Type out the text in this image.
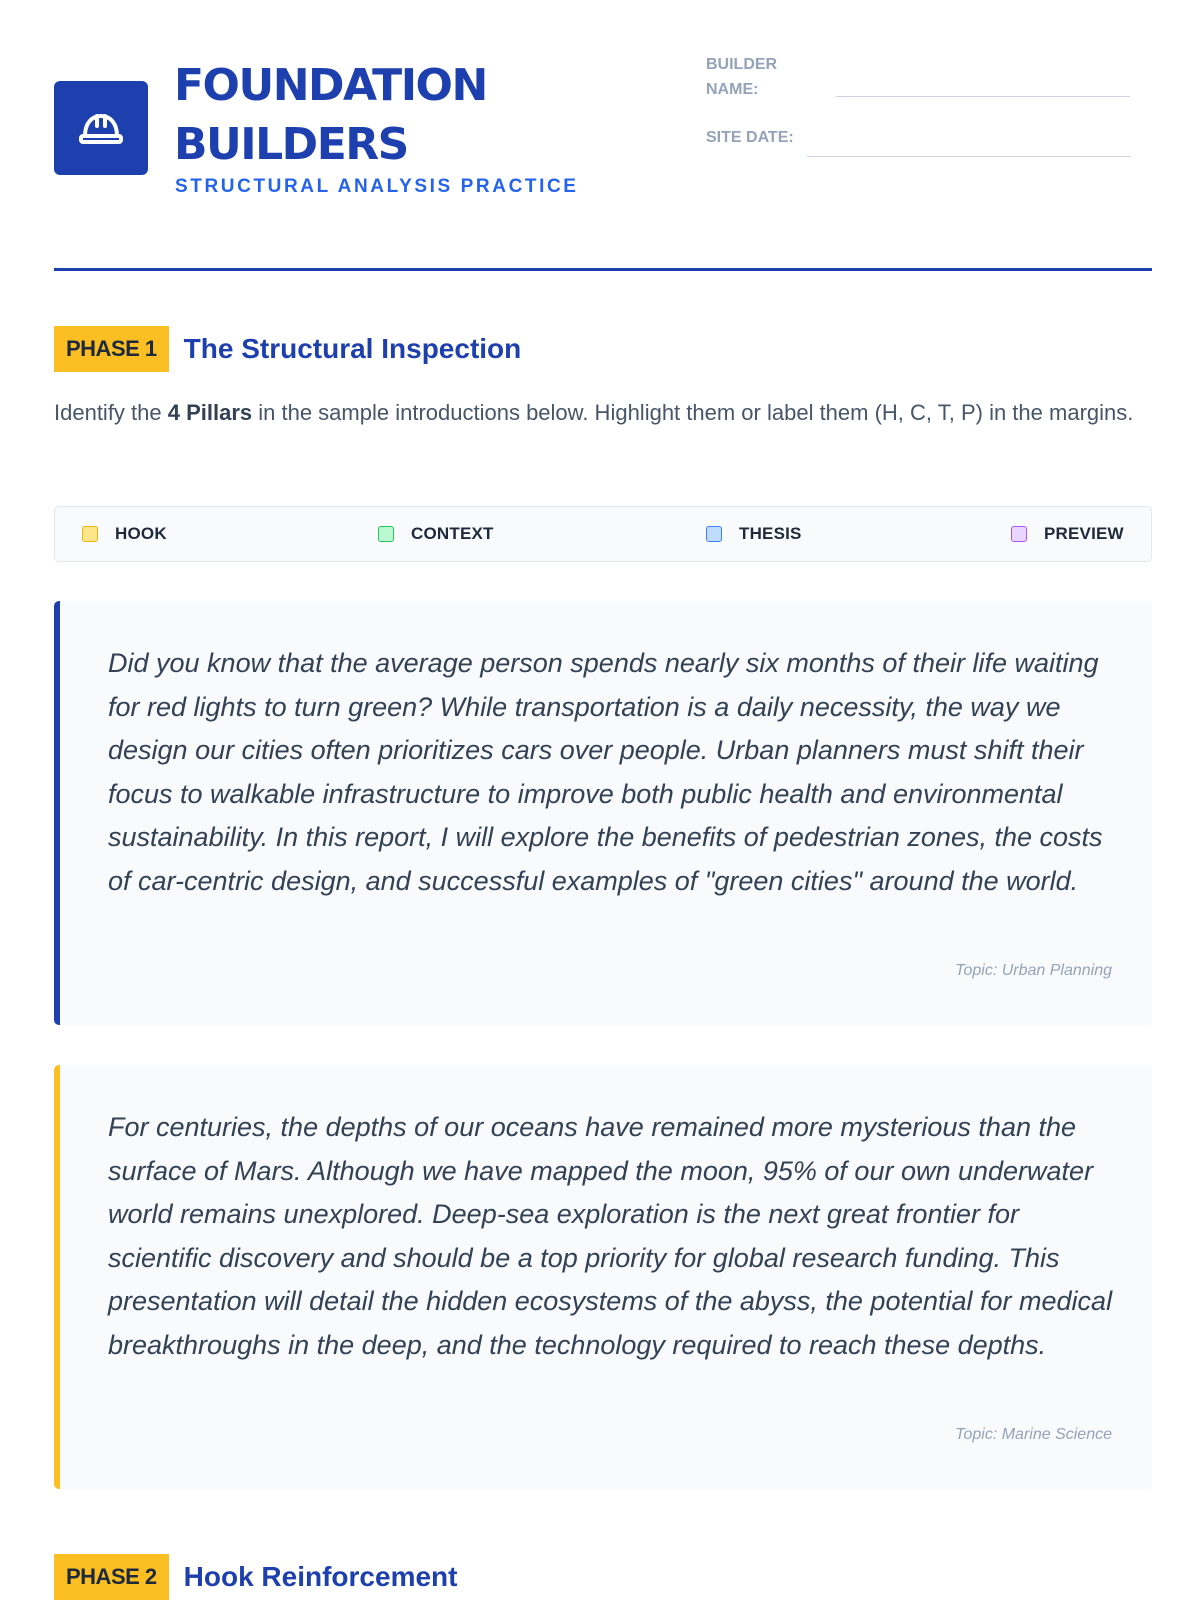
FOUNDATION
BUILDERS
STRUCTURAL ANALYSIS PRACTICE
BUILDER
NAME:
SITE DATE:
PHASE 1 The Structural Inspection

Identify the 4 Pillars in the sample introductions below. Highlight them or label them (H, C, T, P) in the margins.

HOOK	CONTEXT	THESIS	PREVIEW

Did you know that the average person spends nearly six months of their life waiting for red lights to turn green? While transportation is a daily necessity, the way we design our cities often prioritizes cars over people. Urban planners must shift their focus to walkable infrastructure to improve both public health and environmental sustainability. In this report, I will explore the benefits of pedestrian zones, the costs of car-centric design, and successful examples of "green cities" around the world.

Topic: Urban Planning

For centuries, the depths of our oceans have remained more mysterious than the surface of Mars. Although we have mapped the moon, 95% of our own underwater world remains unexplored. Deep-sea exploration is the next great frontier for scientific discovery and should be a top priority for global research funding. This presentation will detail the hidden ecosystems of the abyss, the potential for medical breakthroughs in the deep, and the technology required to reach these depths.

Topic: Marine Science
PHASE 2 Hook Reinforcement
